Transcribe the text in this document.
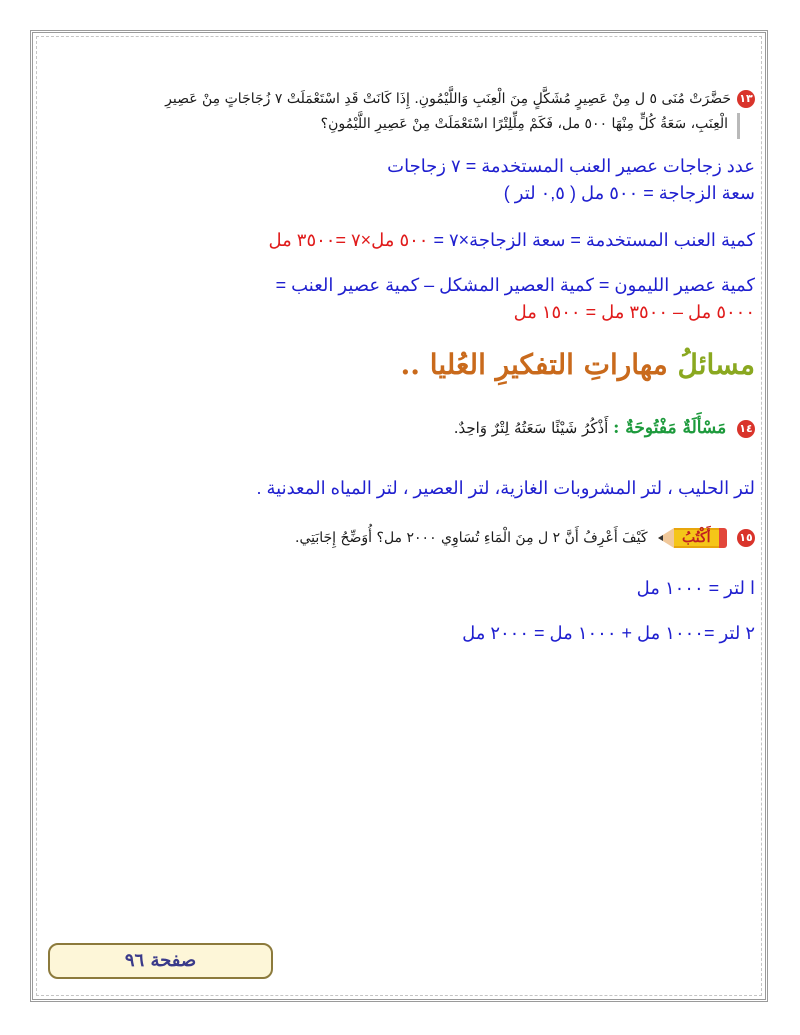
١٣حَضَّرَتْ مُنَى ٥ ل مِنْ عَصِيرٍ مُشَكَّلٍ مِنَ الْعِنَبِ وَاللَّيْمُونِ. إِذَا كَانَتْ قَدِ اسْتَعْمَلَتْ ٧ زُجَاجَاتٍ مِنْ عَصِيرِ

الْعِنَبِ، سَعَةُ كُلٍّ مِنْهَا ٥٠٠ مل، فَكَمْ مِلِّلِتْرًا اسْتَعْمَلَتْ مِنْ عَصِيرِ اللَّيْمُونِ؟

عدد زجاجات عصير العنب المستخدمة = ٧ زجاجات

سعة الزجاجة = ٥٠٠ مل ( ٠,٥ لتر )

كمية العنب المستخدمة = سعة الزجاجة×٧ = ٥٠٠ مل×٧ =٣٥٠٠ مل

كمية عصير الليمون = كمية العصير المشكل – كمية عصير العنب =

٥٠٠٠ مل – ٣٥٠٠ مل = ١٥٠٠ مل

مسائلُ مهاراتِ التفكيرِ العُليا ..

١٤ مَسْأَلَةٌ مَفْتُوحَةٌ : أَذْكُرُ شَيْئًا سَعَتُهُ لِتْرٌ وَاحِدٌ.

لتر الحليب ، لتر المشروبات الغازية، لتر العصير ، لتر المياه المعدنية .

١٥
أَكْتُبُ
كَيْفَ أَعْرِفُ أَنَّ ٢ ل مِنَ الْمَاءِ تُسَاوِي ٢٠٠٠ مل؟ أُوَضِّحُ إِجَابَتِي.

ا لتر = ١٠٠٠ مل

٢ لتر =١٠٠٠ مل + ١٠٠٠ مل = ٢٠٠٠ مل

صفحة ٩٦
